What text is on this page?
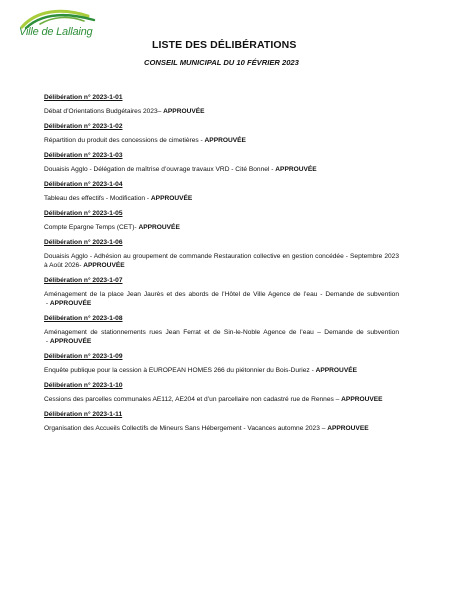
Ville de Lallaing
LISTE DES DÉLIBÉRATIONS
CONSEIL MUNICIPAL DU 10 FÉVRIER 2023
Délibération n° 2023-1-01
Débat d’Orientations Budgétaires 2023– APPROUVÉE
Délibération n° 2023-1-02
Répartition du produit des concessions de cimetières - APPROUVÉE
Délibération n° 2023-1-03
Douaisis Agglo - Délégation de maîtrise d’ouvrage travaux VRD - Cité Bonnel - APPROUVÉE
Délibération n° 2023-1-04
Tableau des effectifs - Modification - APPROUVÉE
Délibération n° 2023-1-05
Compte Epargne Temps (CET)- APPROUVÉE
Délibération n° 2023-1-06
Douaisis Agglo - Adhésion au groupement de commande Restauration collective en gestion concédée - Septembre 2023 à Août 2026- APPROUVÉE
Délibération n° 2023-1-07
Aménagement de la place Jean Jaurès et des abords de l’Hôtel de Ville Agence de l’eau - Demande de subvention - APPROUVÉE
Délibération n° 2023-1-08
Aménagement de stationnements rues Jean Ferrat et de Sin-le-Noble Agence de l’eau – Demande de subvention - APPROUVÉE
Délibération n° 2023-1-09
Enquête publique pour la cession à EUROPEAN HOMES 266 du piétonnier du Bois-Duriez - APPROUVÉE
Délibération n° 2023-1-10
Cessions des parcelles communales AE112, AE204 et d’un parcellaire non cadastré rue de Rennes – APPROUVEE
Délibération n° 2023-1-11
Organisation des Accueils Collectifs de Mineurs Sans Hébergement - Vacances automne 2023 – APPROUVEE
